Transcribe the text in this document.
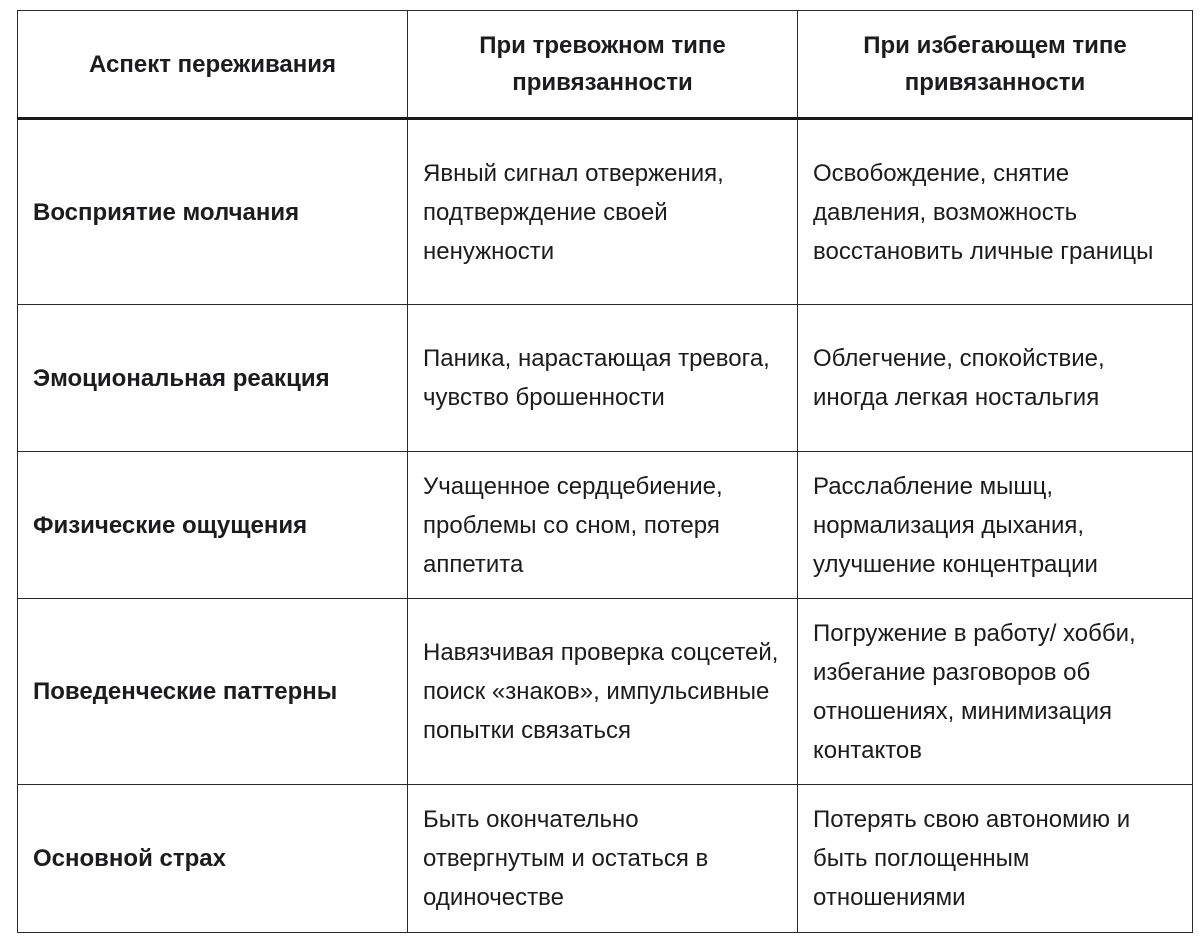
Аспект переживания	При тревожном типе привязанности	При избегающем типе привязанности
Восприятие молчания	Явный сигнал отвержения, подтверждение своей ненужности	Освобождение, снятие давления, возможность восстановить личные границы
Эмоциональная реакция	Паника, нарастающая тревога, чувство брошенности	Облегчение, спокойствие, иногда легкая ностальгия
Физические ощущения	Учащенное сердцебиение, проблемы со сном, потеря аппетита	Расслабление мышц, нормализация дыхания, улучшение концентрации
Поведенческие паттерны	Навязчивая проверка соцсетей, поиск «знаков», импульсивные попытки связаться	Погружение в работу/ хобби, избегание разговоров об отношениях, минимизация контактов
Основной страх	Быть окончательно отвергнутым и остаться в одиночестве	Потерять свою автономию и быть поглощенным отношениями
